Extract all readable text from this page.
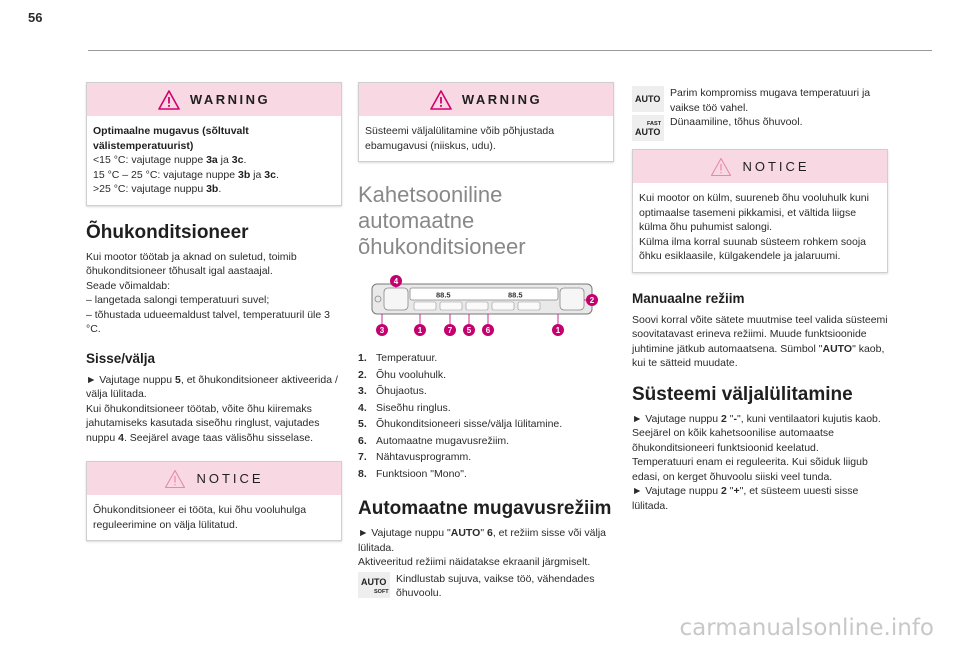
56
WARNING
Optimaalne mugavus (sõltuvalt välistemperatuurist)
<15 °C: vajutage nuppe 3a ja 3c.
15 °C – 25 °C: vajutage nuppe 3b ja 3c.
>25 °C: vajutage nuppu 3b.
Õhukonditsioneer
Kui mootor töötab ja aknad on suletud, toimib õhukonditsioneer tõhusalt igal aastaajal.
Seade võimaldab:
– langetada salongi temperatuuri suvel;
– tõhustada udueemaldust talvel, temperatuuril üle 3 °C.
Sisse/välja
► Vajutage nuppu 5, et õhukonditsioneer aktiveerida / välja lülitada.
Kui õhukonditsioneer töötab, võite õhu kiiremaks jahutamiseks kasutada siseõhu ringlust, vajutades nuppu 4. Seejärel avage taas välisõhu sisselase.
NOTICE
Õhukonditsioneer ei tööta, kui õhu vooluhulga reguleerimine on välja lülitatud.
WARNING
Süsteemi väljalülitamine võib põhjustada ebamugavusi (niiskus, udu).
Kahetsooniline
automaatne
õhukonditsioneer
88.5	88.5
4
2
3	1	7 5 6	1
1. Temperatuur.
2. Õhu vooluhulk.
3. Õhujaotus.
4. Siseõhu ringlus.
5. Õhukonditsioneeri sisse/välja lülitamine.
6. Automaatne mugavusrežiim.
7. Nähtavusprogramm.
8. Funktsioon "Mono".
Automaatne mugavusrežiim
► Vajutage nuppu "AUTO" 6, et režiim sisse või välja lülitada.
Aktiveeritud režiimi näidatakse ekraanil järgmiselt.
AUTO
SOFT
Kindlustab sujuva, vaikse töö, vähendades õhuvoolu.
AUTO Parim kompromiss mugava temperatuuri ja vaikse töö vahel.
FAST
AUTO
Dünaamiline, tõhus õhuvool.
NOTICE
Kui mootor on külm, suureneb õhu vooluhulk kuni optimaalse tasemeni pikkamisi, et vältida liigse külma õhu puhumist salongi.
Külma ilma korral suunab süsteem rohkem sooja õhku esiklaasile, külgakendele ja jalaruumi.
Manuaalne režiim
Soovi korral võite sätete muutmise teel valida süsteemi soovitatavast erineva režiimi. Muude funktsioonide juhtimine jätkub automaatsena. Sümbol "AUTO" kaob, kui te sätteid muudate.
Süsteemi väljalülitamine
► Vajutage nuppu 2 "-", kuni ventilaatori kujutis kaob.
Seejärel on kõik kahetsoonilise automaatse õhukonditsioneeri funktsioonid keelatud.
Temperatuuri enam ei reguleerita. Kui sõiduk liigub edasi, on kerget õhuvoolu siiski veel tunda.
► Vajutage nuppu 2 "+", et süsteem uuesti sisse lülitada.
carmanualsonline.info
